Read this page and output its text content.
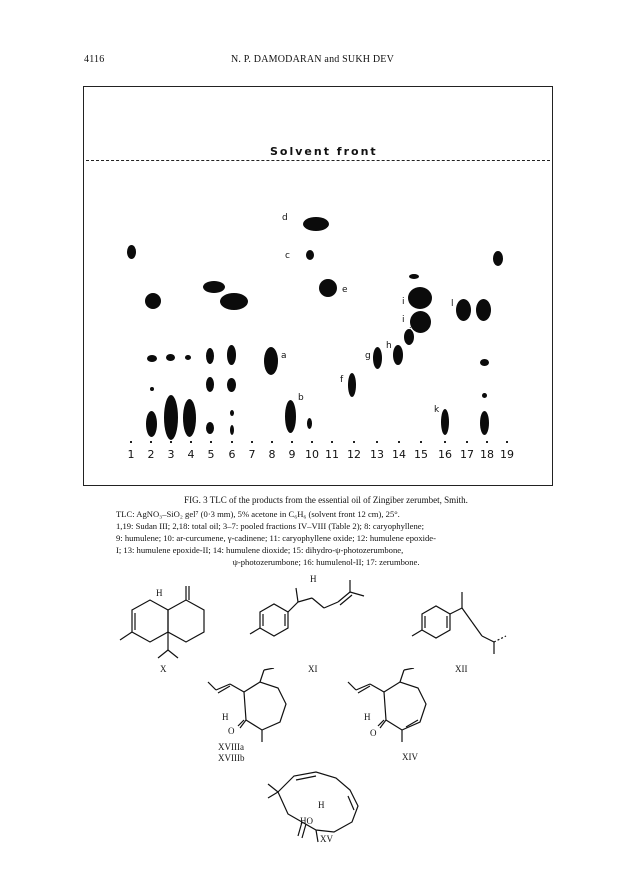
4116	N. P. DAMODARAN and SUKH DEV
Solvent front
1	2	3	4	5	6	7	8	9 10 11 12 13 14 15 16 17 18 19
d
c
e
a
b
f
g
h
i
i
j
k
l
FIG. 3 TLC of the products from the essential oil of Zingiber zerumbet, Smith.
TLC: AgNO₃–SiO₂ gel⁷ (0·3 mm), 5% acetone in C₆H₆ (solvent front 12 cm), 25°.
1,19: Sudan III; 2,18: total oil; 3–7: pooled fractions IV–VIII (Table 2); 8: caryophyllene;
9: humulene; 10: ar-curcumene, γ-cadinene; 11: caryophyllene oxide; 12: humulene epoxide-
I; 13: humulene epoxide-II; 14: humulene dioxide; 15: dihydro-ψ-photozerumbone,
ψ-photozerumbone; 16: humulenol-II; 17: zerumbone.
H
X
H
XI	XII
H
O
XVIIIa
XVIIIb
H
O
XIV
H
HO
XV
